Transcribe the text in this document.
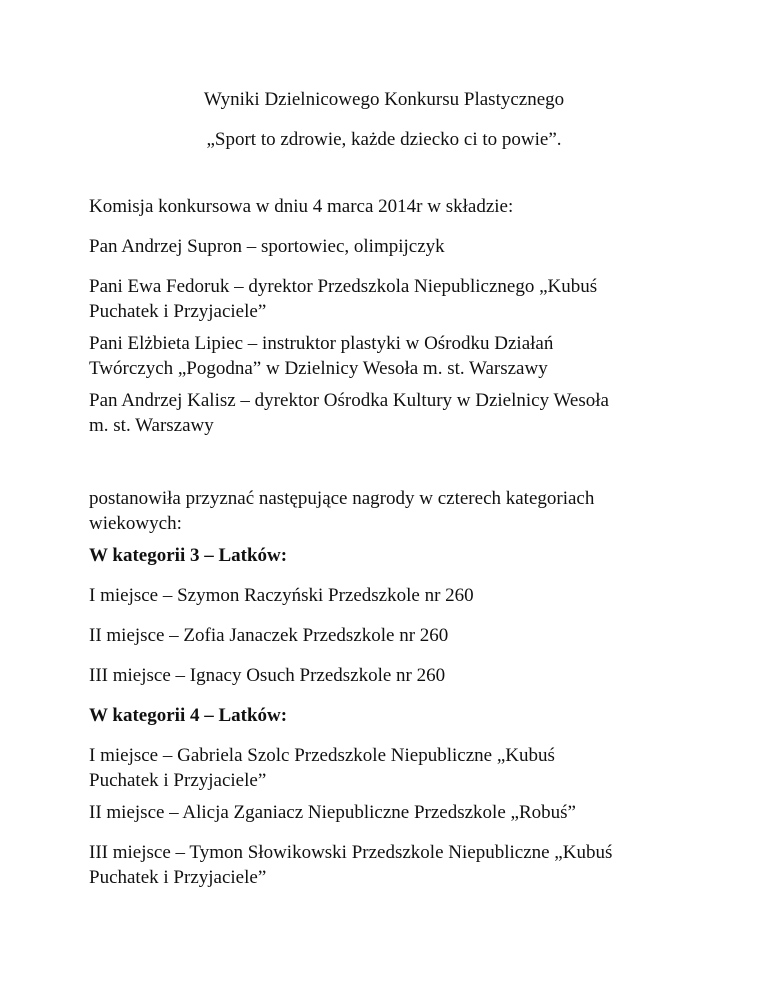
Wyniki Dzielnicowego Konkursu Plastycznego
„Sport to zdrowie, każde dziecko ci to powie”.
Komisja konkursowa w dniu 4 marca 2014r w składzie:
Pan Andrzej Supron – sportowiec, olimpijczyk
Pani Ewa Fedoruk – dyrektor Przedszkola Niepublicznego „Kubuś
Puchatek i Przyjaciele”
Pani Elżbieta Lipiec – instruktor plastyki w Ośrodku Działań
Twórczych „Pogodna” w Dzielnicy Wesoła m. st. Warszawy
Pan Andrzej Kalisz – dyrektor Ośrodka Kultury w Dzielnicy Wesoła
m. st. Warszawy
postanowiła przyznać następujące nagrody w czterech kategoriach
wiekowych:
W kategorii 3 – Latków:
I miejsce – Szymon Raczyński Przedszkole nr 260
II miejsce – Zofia Janaczek Przedszkole nr 260
III miejsce – Ignacy Osuch Przedszkole nr 260
W kategorii 4 – Latków:
I miejsce – Gabriela Szolc Przedszkole Niepubliczne „Kubuś
Puchatek i Przyjaciele”
II miejsce – Alicja Zganiacz Niepubliczne Przedszkole „Robuś”
III miejsce – Tymon Słowikowski Przedszkole Niepubliczne „Kubuś
Puchatek i Przyjaciele”
